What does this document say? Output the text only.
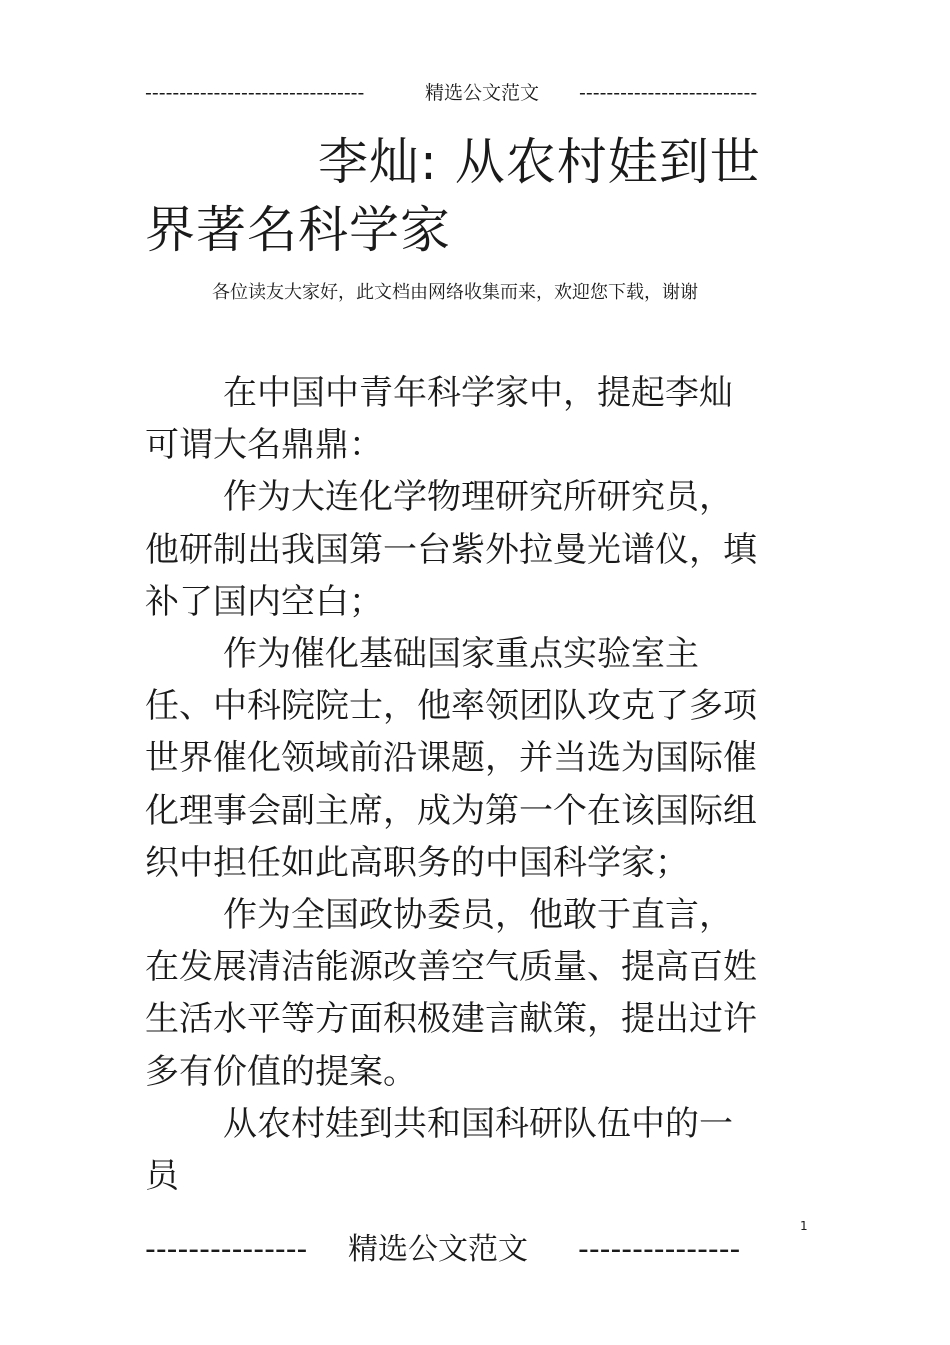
--------------------------------	精选公文范文 --------------------------
李灿: 从农村娃到世界著名科学家
各位读友大家好，此文档由网络收集而来，欢迎您下载，谢谢

在中国中青年科学家中，提起李灿可谓大名鼎鼎：

作为大连化学物理研究所研究员，他研制出我国第一台紫外拉曼光谱仪，填补了国内空白；

作为催化基础国家重点实验室主任、中科院院士，他率领团队攻克了多项世界催化领域前沿课题，并当选为国际催化理事会副主席，成为第一个在该国际组织中担任如此高职务的中国科学家；

作为全国政协委员，他敢于直言，在发展清洁能源改善空气质量、提高百姓生活水平等方面积极建言献策，提出过许多有价值的提案。

从农村娃到共和国科研队伍中的一员

1
--------------- 精选公文范文 ---------------
